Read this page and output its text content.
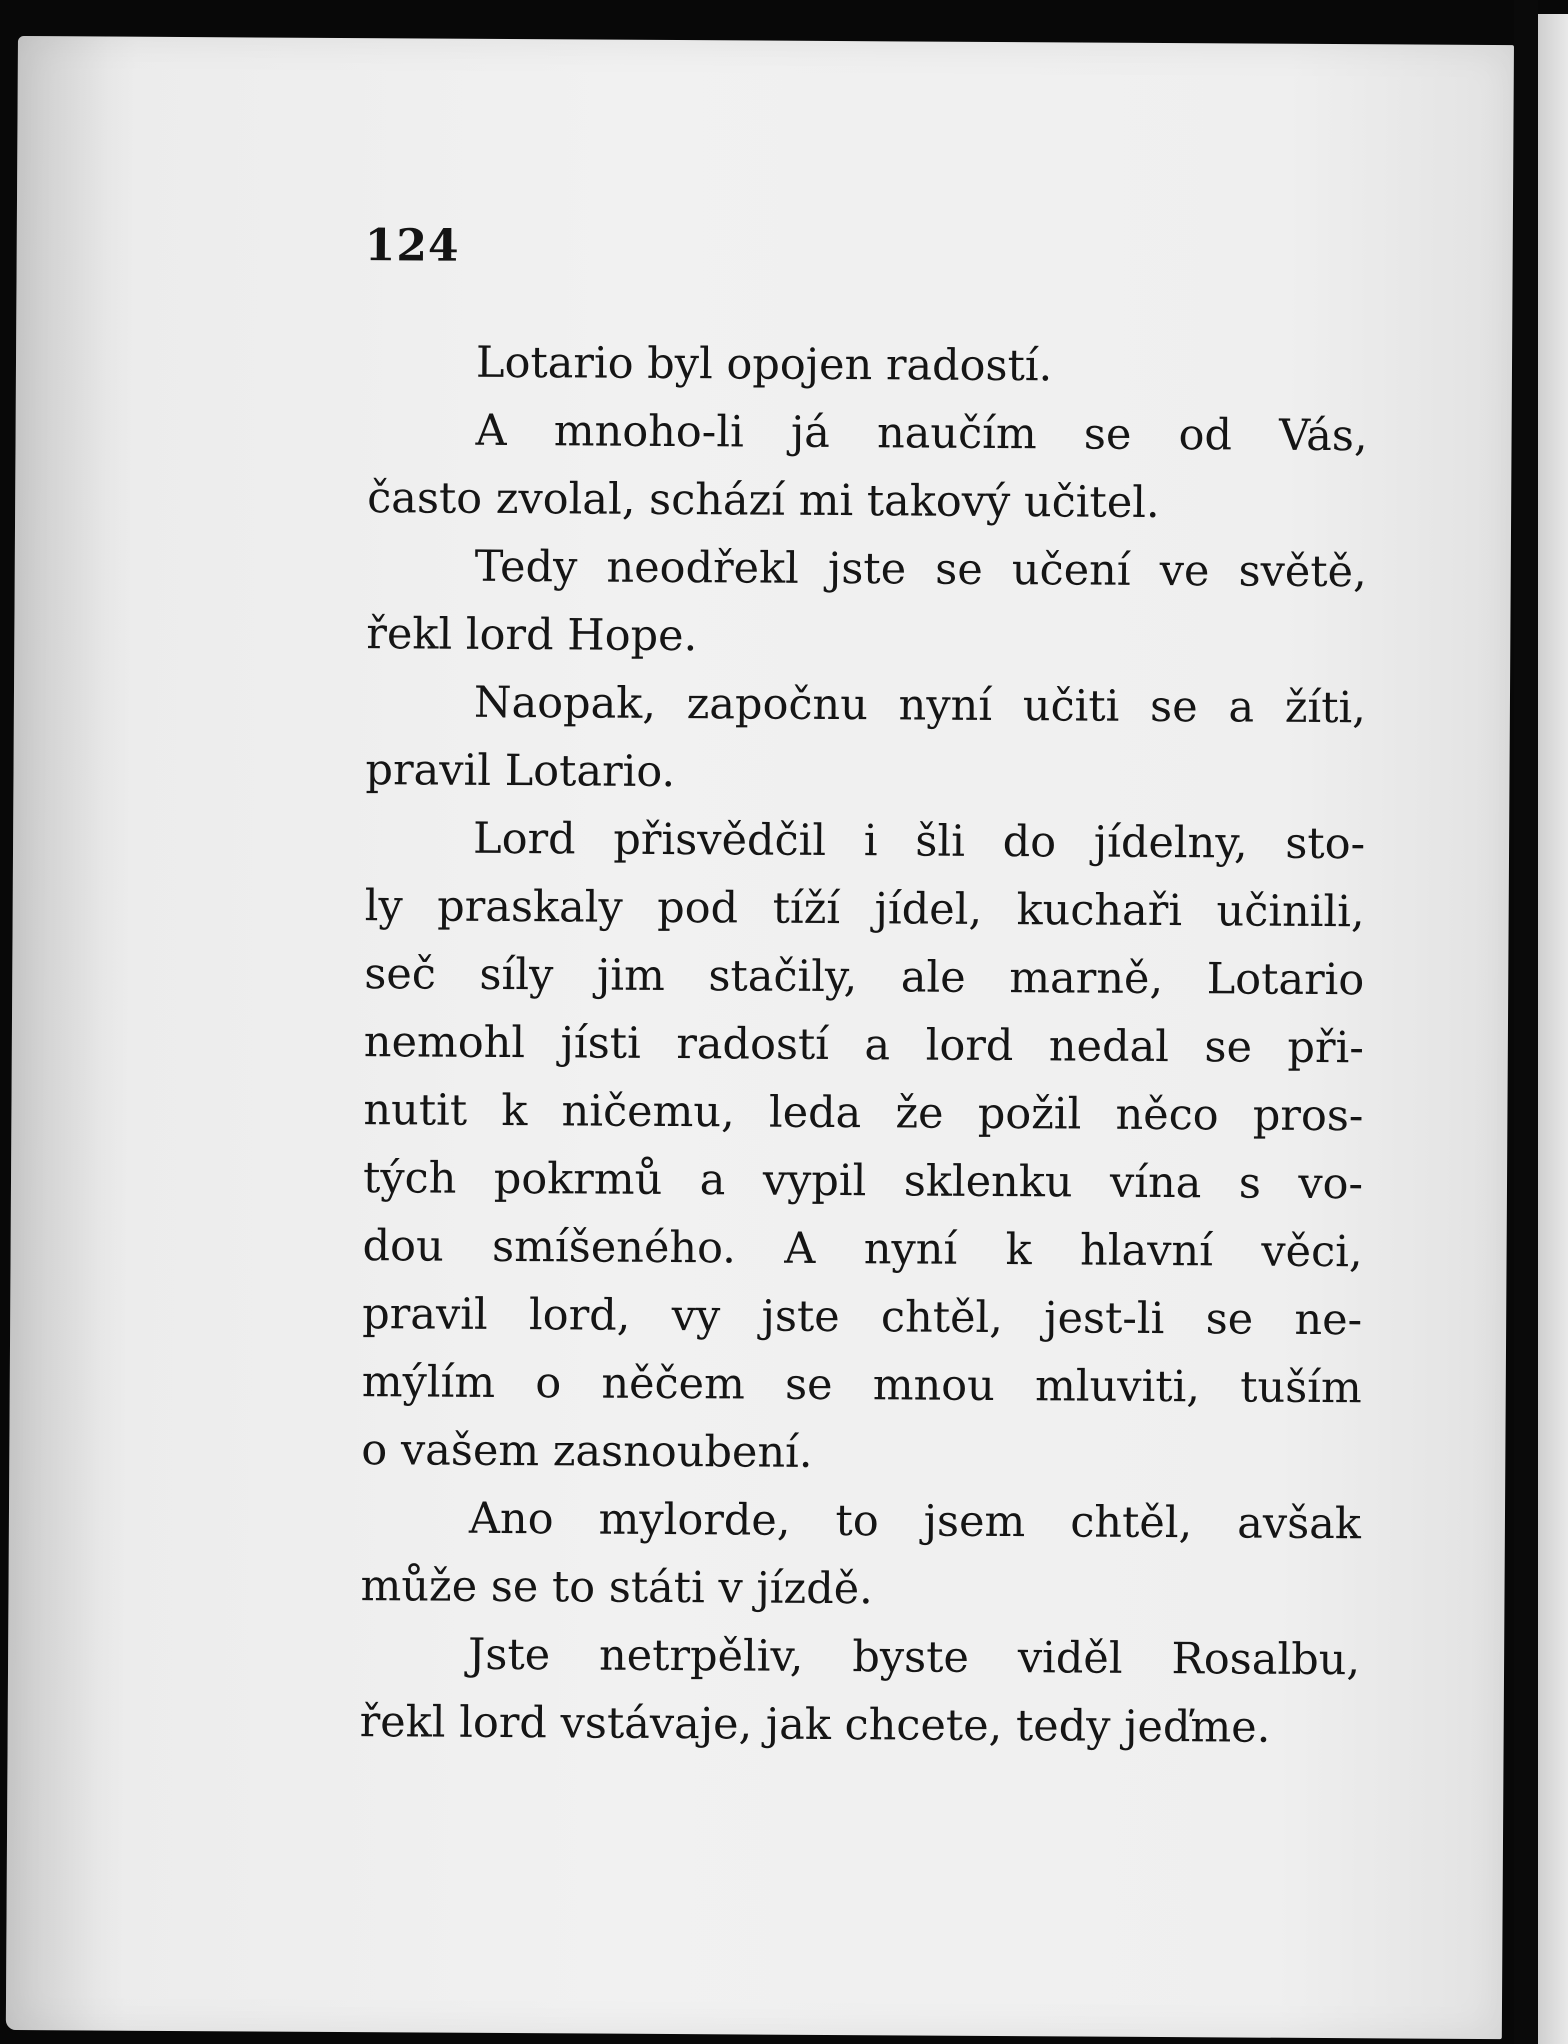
124
Lotario byl opojen radostí.
A mnoho-li já naučím se od Vás,
často zvolal, schází mi takový učitel.
Tedy neodřekl jste se učení ve světě,
řekl lord Hope.
Naopak, započnu nyní učiti se a žíti,
pravil Lotario.
Lord přisvědčil i šli do jídelny, sto-
ly praskaly pod tíží jídel, kuchaři učinili,
seč síly jim stačily, ale marně, Lotario
nemohl jísti radostí a lord nedal se při-
nutit k ničemu, leda že požil něco pros-
tých pokrmů a vypil sklenku vína s vo-
dou smíšeného. A nyní k hlavní věci,
pravil lord, vy jste chtěl, jest-li se ne-
mýlím o něčem se mnou mluviti, tuším
o vašem zasnoubení.
Ano mylorde, to jsem chtěl, avšak
může se to státi v jízdě.
Jste netrpěliv, byste viděl Rosalbu,
řekl lord vstávaje, jak chcete, tedy jeďme.
